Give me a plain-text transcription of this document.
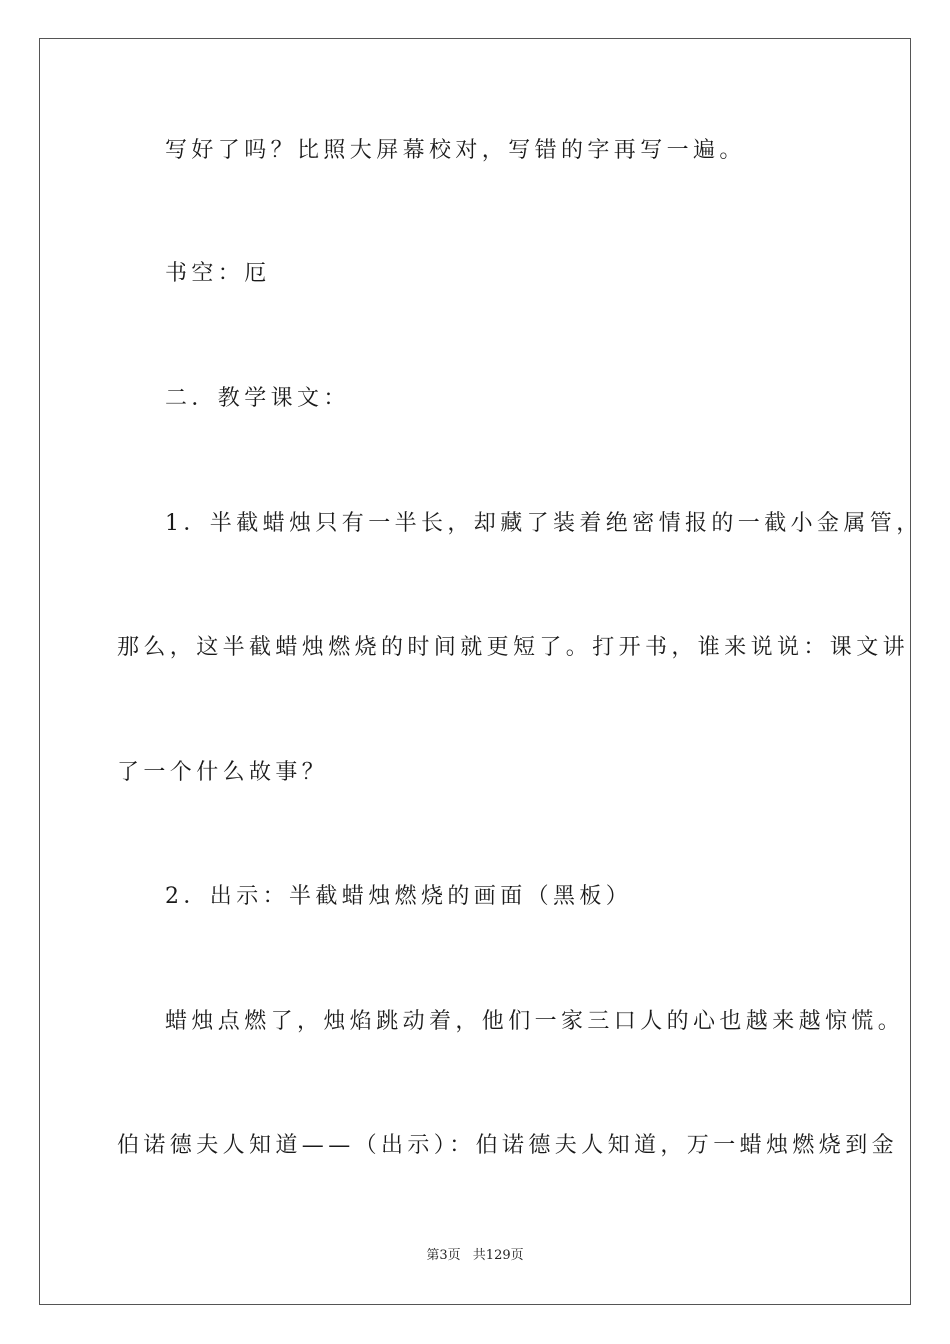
写好了吗？比照大屏幕校对，写错的字再写一遍。
书空：厄
二．教学课文：
1．半截蜡烛只有一半长，却藏了装着绝密情报的一截小金属管，
那么，这半截蜡烛燃烧的时间就更短了。打开书，谁来说说：课文讲
了一个什么故事？
2．出示：半截蜡烛燃烧的画面（黑板）
蜡烛点燃了，烛焰跳动着，他们一家三口人的心也越来越惊慌。
伯诺德夫人知道——（出示）：伯诺德夫人知道，万一蜡烛燃烧到金
第3页 共129页
